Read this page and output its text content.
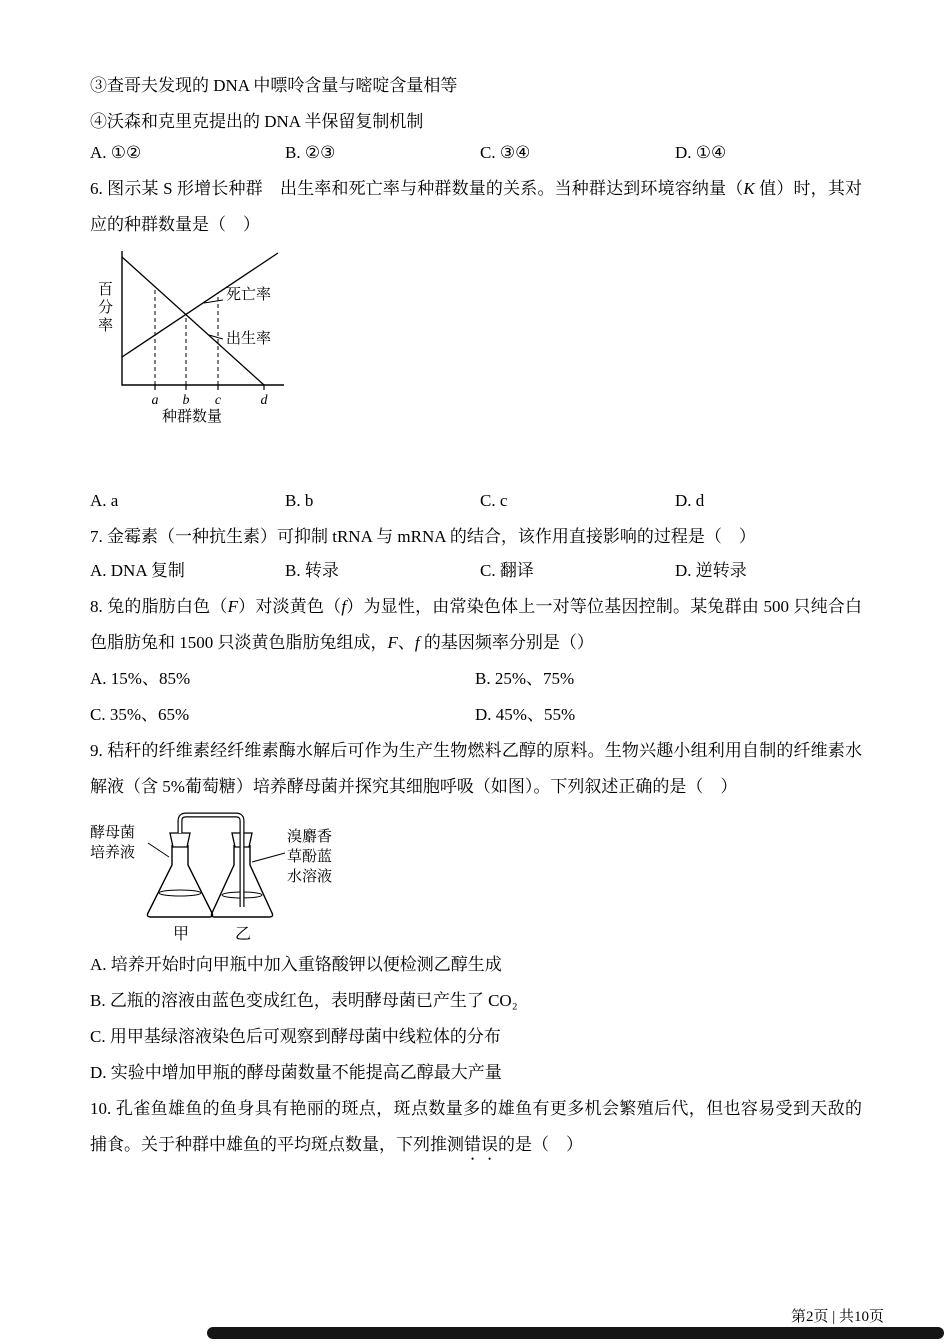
③查哥夫发现的 DNA 中嘌呤含量与嘧啶含量相等

④沃森和克里克提出的 DNA 半保留复制机制

A. ①②	B. ②③	C. ③④	D. ①④

6. 图示某 S 形增长种群　出生率和死亡率与种群数量的关系。当种群达到环境容纳量（K 值）时，其对应的种群数量是（　）

死亡率
出生率
a b c	d
种群数量
百分率
A. a	B. b	C. c	D. d

7. 金霉素（一种抗生素）可抑制 tRNA 与 mRNA 的结合，该作用直接影响的过程是（　）

A. DNA 复制	B. 转录	C. 翻译	D. 逆转录

8. 兔的脂肪白色（F）对淡黄色（f）为显性，由常染色体上一对等位基因控制。某兔群由 500 只纯合白色脂肪兔和 1500 只淡黄色脂肪兔组成，F、f 的基因频率分别是（）

A. 15%、85%	B. 25%、75%
C. 35%、65%	D. 45%、55%

9. 秸秆的纤维素经纤维素酶水解后可作为生产生物燃料乙醇的原料。生物兴趣小组利用自制的纤维素水解液（含 5%葡萄糖）培养酵母菌并探究其细胞呼吸（如图）。下列叙述正确的是（　）

酵母菌
培养液
溴麝香
草酚蓝
水溶液
甲	乙

A. 培养开始时向甲瓶中加入重铬酸钾以便检测乙醇生成

B. 乙瓶的溶液由蓝色变成红色，表明酵母菌已产生了 CO₂

C. 用甲基绿溶液染色后可观察到酵母菌中线粒体的分布

D. 实验中增加甲瓶的酵母菌数量不能提高乙醇最大产量

10. 孔雀鱼雄鱼的鱼身具有艳丽的斑点，斑点数量多的雄鱼有更多机会繁殖后代，但也容易受到天敌的捕食。关于种群中雄鱼的平均斑点数量，下列推测错误的是（　）

第2页 | 共10页
